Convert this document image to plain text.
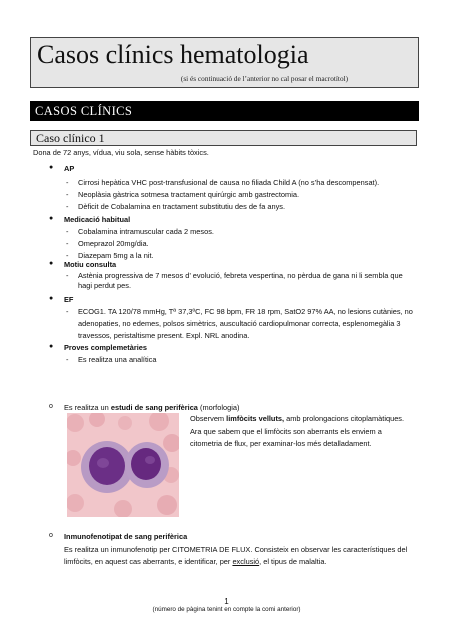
Casos clínics hematologia
(si és continuació de l’anterior no cal posar el macrotítol)
CASOS CLÍNICS
Caso clínico 1
Dona de 72 anys, vídua, viu sola, sense hàbits tòxics.
● AP
- Cirrosi hepàtica VHC post-transfusional de causa no filiada Child A (no s’ha descompensat).
- Neoplàsia gàstrica sotmesa tractament quirúrgic amb gastrectomia.
- Dèficit de Cobalamina en tractament substitutiu des de fa anys.
● Medicació habitual
- Cobalamina intramuscular cada 2 mesos.
- Omeprazol 20mg/dia.
- Diazepam 5mg a la nit.
● Motiu consulta
- Astènia progressiva de 7 mesos d’ evolució, febreta vespertina, no pèrdua de gana ni li sembla que
hagi perdut pes.
● EF
- ECOG1. TA 120/78 mmHg, Tª 37,3ºC, FC 98 bpm, FR 18 rpm, SatO2 97% AA, no lesions cutànies, no
adenopaties, no edemes, polsos simètrics, auscultació cardiopulmonar correcta, esplenomegàlia 3
travessos, peristaltisme present. Expl. NRL anodina.
● Proves complemetàries
- Es realitza una analítica
o Es realitza un estudi de sang perifèrica (morfologia)
Observem limfòcits velluts, amb prolongacions citoplamàtiques.
Ara que sabem que el limfòcits son aberrants els enviem a
citometria de flux, per examinar-los més detalladament.
o Inmunofenotipat de sang perifèrica
Es realitza un inmunofenotip per CITOMETRIA DE FLUX. Consisteix en observar les característiques del
limfòcits, en aquest cas aberrants, e identificar, per exclusió, el tipus de malaltia.
1
(número de pàgina tenint en compte la comi anterior)
